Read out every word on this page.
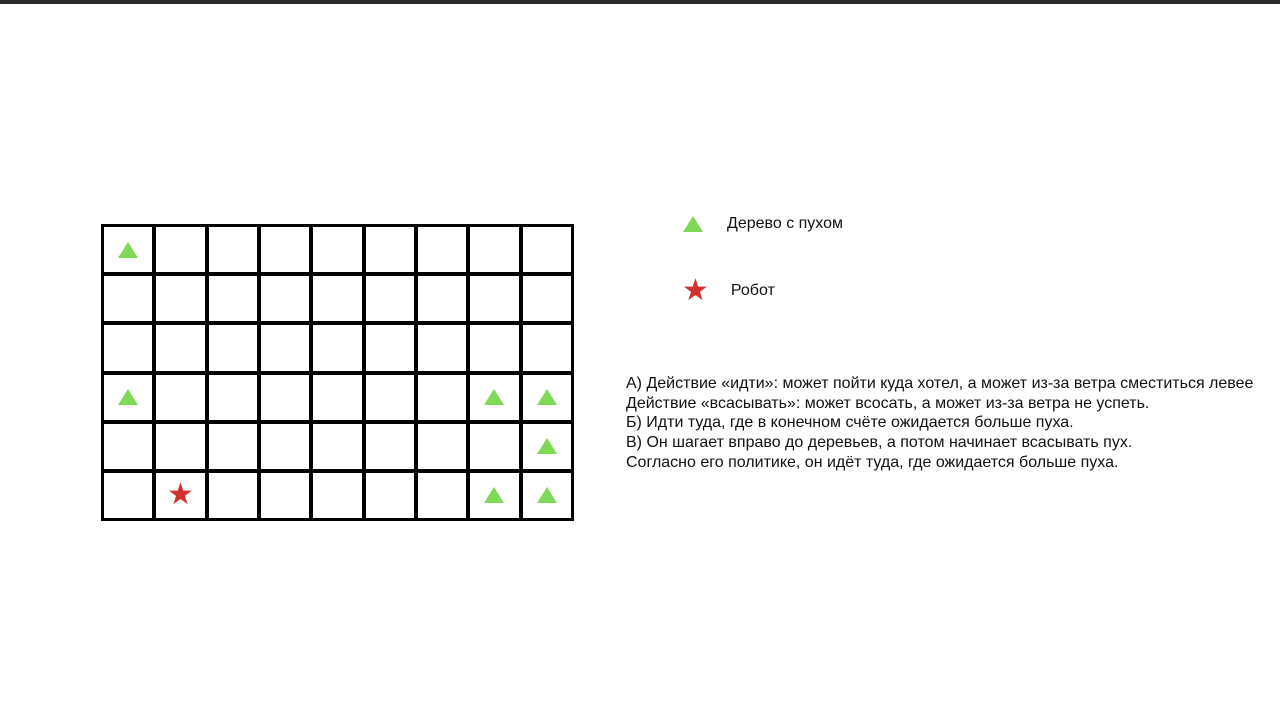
★
Дерево с пухом
★ Робот
А) Действие «идти»: может пойти куда хотел, а может из-за ветра сместиться левее
Действие «всасывать»: может всосать, а может из-за ветра не успеть.
Б) Идти туда, где в конечном счёте ожидается больше пуха.
В) Он шагает вправо до деревьев, а потом начинает всасывать пух.
Согласно его политике, он идёт туда, где ожидается больше пуха.
